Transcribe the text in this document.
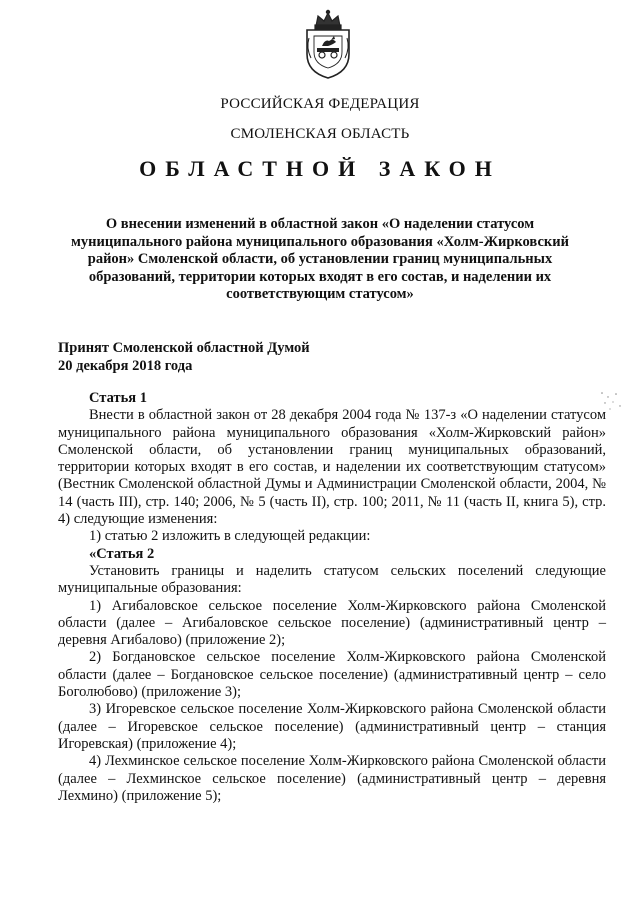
РОССИЙСКАЯ ФЕДЕРАЦИЯ
СМОЛЕНСКАЯ ОБЛАСТЬ
ОБЛАСТНОЙ ЗАКОН
О внесении изменений в областной закон «О наделении статусом
муниципального района муниципального образования «Холм-Жирковский
район» Смоленской области, об установлении границ муниципальных
образований, территории которых входят в его состав, и наделении их
соответствующим статусом»
Принят Смоленской областной Думой
20 декабря 2018 года

Статья 1

Внести в областной закон от 28 декабря 2004 года № 137-з «О наделении статусом муниципального района муниципального образования «Холм-Жирковский район» Смоленской области, об установлении границ муниципальных образований, территории которых входят в его состав, и наделении их соответствующим статусом» (Вестник Смоленской областной Думы и Администрации Смоленской области, 2004, № 14 (часть III), стр. 140; 2006, № 5 (часть II), стр. 100; 2011, № 11 (часть II, книга 5), стр. 4) следующие изменения:

1) статью 2 изложить в следующей редакции:

«Статья 2

Установить границы и наделить статусом сельских поселений следующие муниципальные образования:

1) Агибаловское сельское поселение Холм-Жирковского района Смоленской области (далее – Агибаловское сельское поселение) (административный центр – деревня Агибалово) (приложение 2);

2) Богдановское сельское поселение Холм-Жирковского района Смоленской области (далее – Богдановское сельское поселение) (административный центр – село Боголюбово) (приложение 3);

3) Игоревское сельское поселение Холм-Жирковского района Смоленской области (далее – Игоревское сельское поселение) (административный центр – станция Игоревская) (приложение 4);

4) Лехминское сельское поселение Холм-Жирковского района Смоленской области (далее – Лехминское сельское поселение) (административный центр – деревня Лехмино) (приложение 5);
